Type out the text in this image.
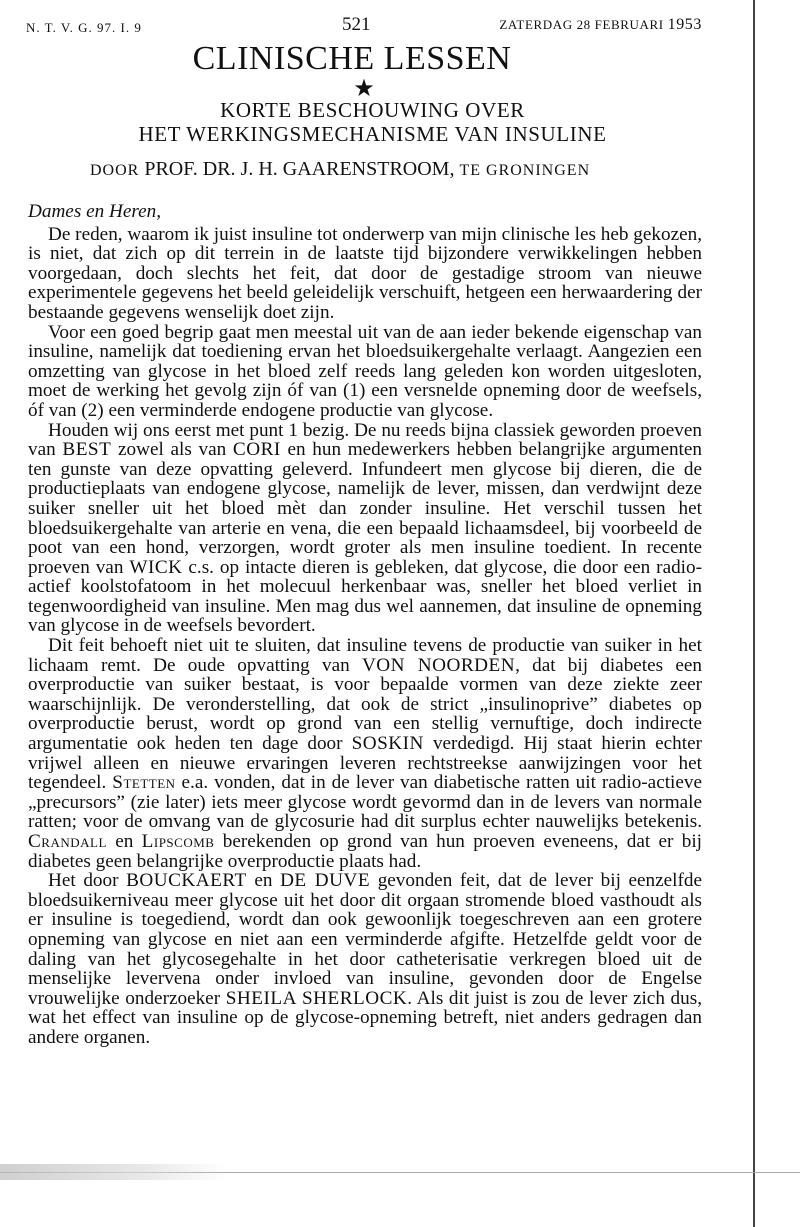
N. T. V. G. 97. I. 9	521	ZATERDAG 28 FEBRUARI 1953
CLINISCHE LESSEN
★
KORTE BESCHOUWING OVER
HET WERKINGSMECHANISME VAN INSULINE
DOOR PROF. DR. J. H. GAARENSTROOM, TE GRONINGEN
Dames en Heren,

De reden, waarom ik juist insuline tot onderwerp van mijn clinische les heb gekozen, is niet, dat zich op dit terrein in de laatste tijd bijzondere verwikkelingen hebben voorgedaan, doch slechts het feit, dat door de gestadige stroom van nieuwe experimentele gegevens het beeld geleidelijk verschuift, hetgeen een herwaardering der bestaande gegevens wenselijk doet zijn.

Voor een goed begrip gaat men meestal uit van de aan ieder bekende eigenschap van insuline, namelijk dat toediening ervan het bloedsuikergehalte verlaagt. Aangezien een omzetting van glycose in het bloed zelf reeds lang geleden kon worden uitgesloten, moet de werking het gevolg zijn óf van (1) een versnelde opneming door de weefsels, óf van (2) een verminderde endogene productie van glycose.

Houden wij ons eerst met punt 1 bezig. De nu reeds bijna classiek geworden proeven van BEST zowel als van CORI en hun medewerkers hebben belangrijke argumenten ten gunste van deze opvatting geleverd. Infundeert men glycose bij dieren, die de productieplaats van endogene glycose, namelijk de lever, missen, dan verdwijnt deze suiker sneller uit het bloed mèt dan zonder insuline. Het verschil tussen het bloedsuikergehalte van arterie en vena, die een bepaald lichaamsdeel, bij voorbeeld de poot van een hond, verzorgen, wordt groter als men insuline toedient. In recente proeven van WICK c.s. op intacte dieren is gebleken, dat glycose, die door een radio-actief koolstofatoom in het molecuul herkenbaar was, sneller het bloed verliet in tegenwoordigheid van insuline. Men mag dus wel aannemen, dat insuline de opneming van glycose in de weefsels bevordert.

Dit feit behoeft niet uit te sluiten, dat insuline tevens de productie van suiker in het lichaam remt. De oude opvatting van VON NOORDEN, dat bij diabetes een overproductie van suiker bestaat, is voor bepaalde vormen van deze ziekte zeer waarschijnlijk. De veronderstelling, dat ook de strict „insulinoprive” diabetes op overproductie berust, wordt op grond van een stellig vernuftige, doch indirecte argumentatie ook heden ten dage door SOSKIN verdedigd. Hij staat hierin echter vrijwel alleen en nieuwe ervaringen leveren rechtstreekse aanwijzingen voor het tegendeel. Stetten e.a. vonden, dat in de lever van diabetische ratten uit radio-actieve „precursors” (zie later) iets meer glycose wordt gevormd dan in de levers van normale ratten; voor de omvang van de glycosurie had dit surplus echter nauwelijks betekenis. Crandall en Lipscomb berekenden op grond van hun proeven eveneens, dat er bij diabetes geen belangrijke overproductie plaats had.

Het door BOUCKAERT en DE DUVE gevonden feit, dat de lever bij eenzelfde bloedsuikerniveau meer glycose uit het door dit orgaan stromende bloed vasthoudt als er insuline is toegediend, wordt dan ook gewoonlijk toegeschreven aan een grotere opneming van glycose en niet aan een verminderde afgifte. Hetzelfde geldt voor de daling van het glycosegehalte in het door catheterisatie verkregen bloed uit de menselijke levervena onder invloed van insuline, gevonden door de Engelse vrouwelijke onderzoeker SHEILA SHERLOCK. Als dit juist is zou de lever zich dus, wat het effect van insuline op de glycose-opneming betreft, niet anders gedragen dan andere organen.
